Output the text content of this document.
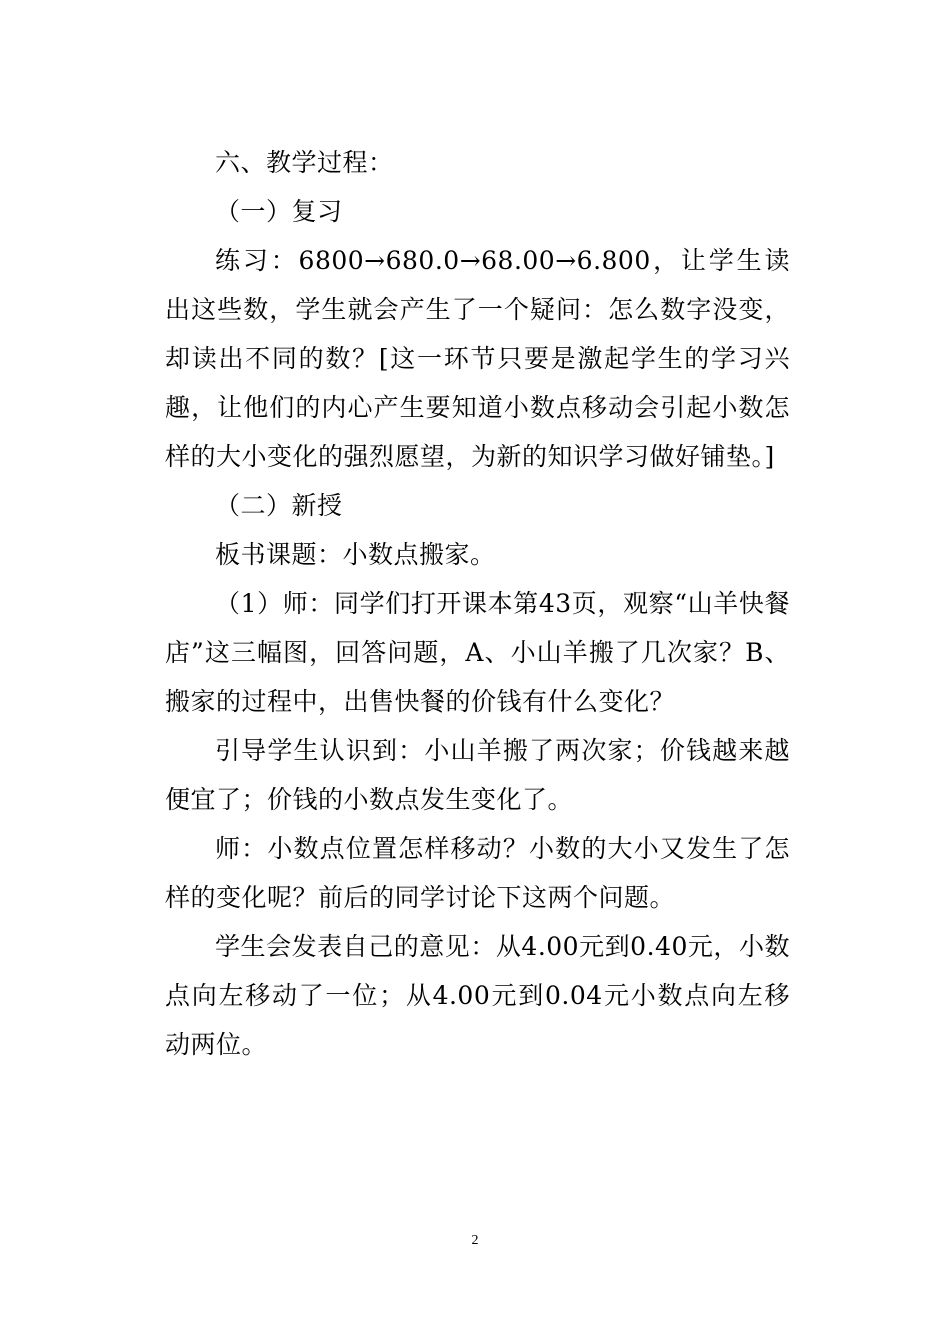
六、教学过程：

（一）复习

练习：6800→680.0→68.00→6.800，让学生读出这些数，学生就会产生了一个疑问：怎么数字没变，却读出不同的数？[这一环节只要是激起学生的学习兴趣，让他们的内心产生要知道小数点移动会引起小数怎样的大小变化的强烈愿望，为新的知识学习做好铺垫。]

（二）新授

板书课题：小数点搬家。

（1）师：同学们打开课本第43页，观察“山羊快餐店”这三幅图，回答问题，A、小山羊搬了几次家？B、搬家的过程中，出售快餐的价钱有什么变化？

引导学生认识到：小山羊搬了两次家；价钱越来越便宜了；价钱的小数点发生变化了。

师：小数点位置怎样移动？小数的大小又发生了怎样的变化呢？前后的同学讨论下这两个问题。

学生会发表自己的意见：从4.00元到0.40元，小数点向左移动了一位；从4.00元到0.04元小数点向左移动两位。

2
